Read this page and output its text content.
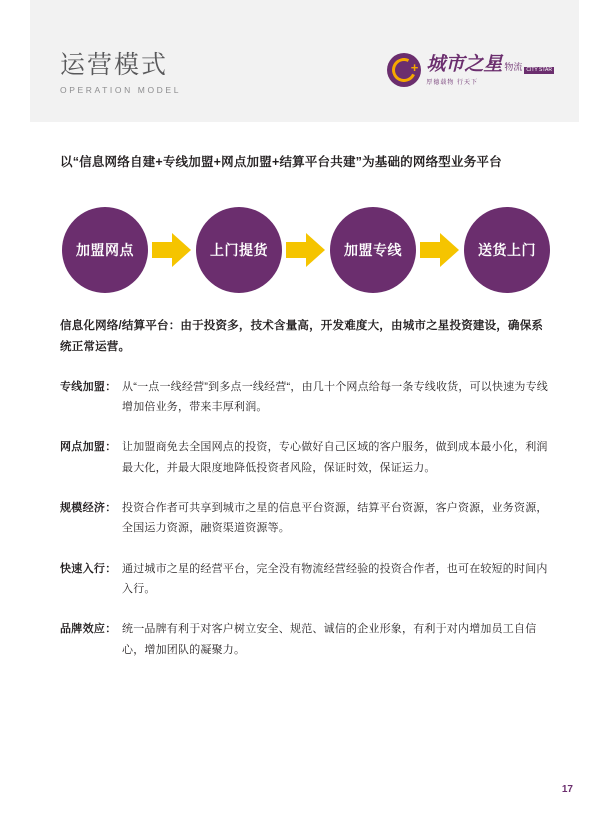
运营模式
OPERATION MODEL
+ 城市之星 物流 CITY STAR
厚德载物 行天下
以“信息网络自建+专线加盟+网点加盟+结算平台共建”为基础的网络型业务平台
加盟网点	上门提货	加盟专线	送货上门
信息化网络/结算平台：由于投资多，技术含量高，开发难度大，由城市之星投资建设，确保系统正常运营。
专线加盟： 从“一点一线经营”到多点一线经营“，由几十个网点给每一条专线收货，可以快速为专线增加倍业务，带来丰厚利润。
网点加盟： 让加盟商免去全国网点的投资，专心做好自己区域的客户服务，做到成本最小化，利润最大化，并最大限度地降低投资者风险，保证时效，保证运力。
规模经济： 投资合作者可共享到城市之星的信息平台资源，结算平台资源，客户资源，业务资源，全国运力资源，融资渠道资源等。
快速入行： 通过城市之星的经营平台，完全没有物流经营经验的投资合作者，也可在较短的时间内入行。
品牌效应： 统一品牌有利于对客户树立安全、规范、诚信的企业形象，有利于对内增加员工自信心，增加团队的凝聚力。
17
